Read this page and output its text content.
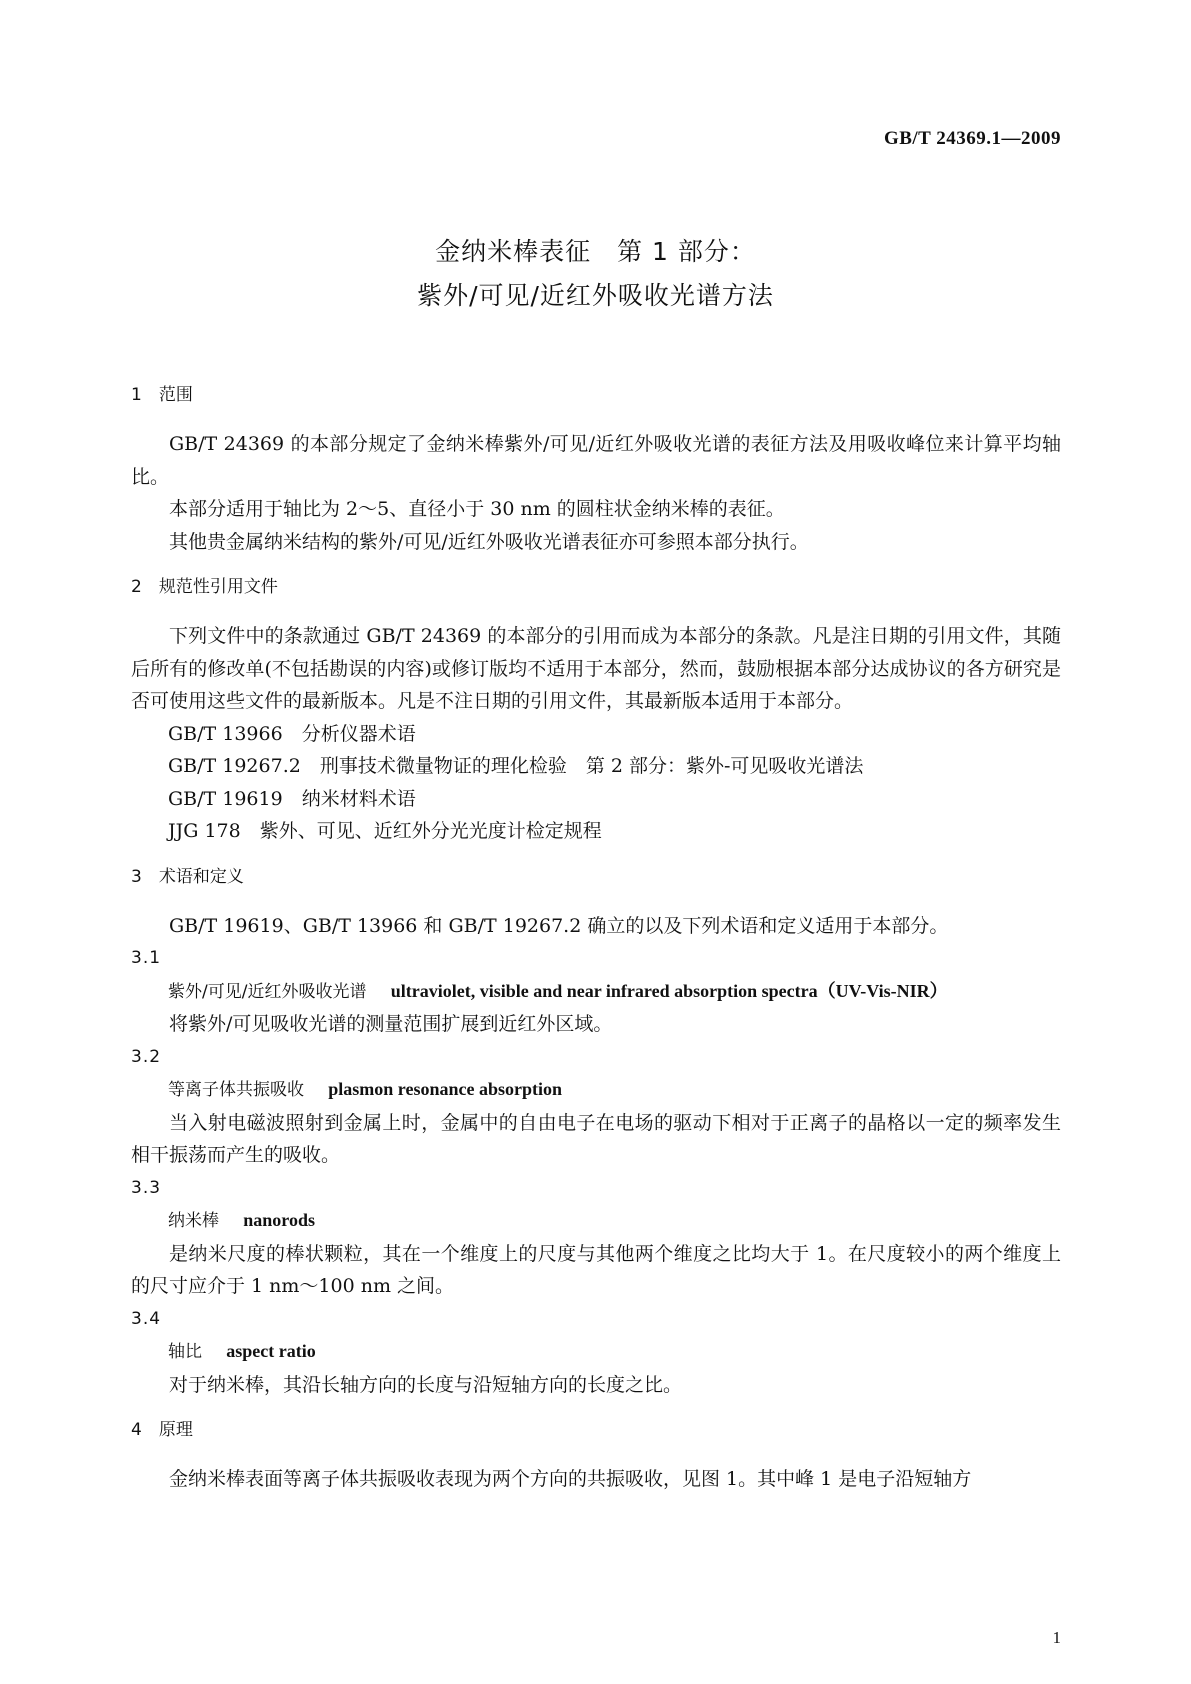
GB/T 24369.1—2009
金纳米棒表征　第 1 部分：
紫外/可见/近红外吸收光谱方法
1　范围

GB/T 24369 的本部分规定了金纳米棒紫外/可见/近红外吸收光谱的表征方法及用吸收峰位来计算平均轴比。

本部分适用于轴比为 2～5、直径小于 30 nm 的圆柱状金纳米棒的表征。

其他贵金属纳米结构的紫外/可见/近红外吸收光谱表征亦可参照本部分执行。

2　规范性引用文件

下列文件中的条款通过 GB/T 24369 的本部分的引用而成为本部分的条款。凡是注日期的引用文件，其随后所有的修改单(不包括勘误的内容)或修订版均不适用于本部分，然而，鼓励根据本部分达成协议的各方研究是否可使用这些文件的最新版本。凡是不注日期的引用文件，其最新版本适用于本部分。

GB/T 13966　分析仪器术语
GB/T 19267.2　刑事技术微量物证的理化检验　第 2 部分：紫外-可见吸收光谱法
GB/T 19619　纳米材料术语
JJG 178　紫外、可见、近红外分光光度计检定规程
3　术语和定义

GB/T 19619、GB/T 13966 和 GB/T 19267.2 确立的以及下列术语和定义适用于本部分。

3.1
紫外/可见/近红外吸收光谱　 ultraviolet, visible and near infrared absorption spectra（UV-Vis-NIR）

将紫外/可见吸收光谱的测量范围扩展到近红外区域。

3.2
等离子体共振吸收　 plasmon resonance absorption

当入射电磁波照射到金属上时，金属中的自由电子在电场的驱动下相对于正离子的晶格以一定的频率发生相干振荡而产生的吸收。

3.3
纳米棒　 nanorods

是纳米尺度的棒状颗粒，其在一个维度上的尺度与其他两个维度之比均大于 1。在尺度较小的两个维度上的尺寸应介于 1 nm～100 nm 之间。

3.4
轴比　 aspect ratio

对于纳米棒，其沿长轴方向的长度与沿短轴方向的长度之比。

4　原理

金纳米棒表面等离子体共振吸收表现为两个方向的共振吸收，见图 1。其中峰 1 是电子沿短轴方

1
